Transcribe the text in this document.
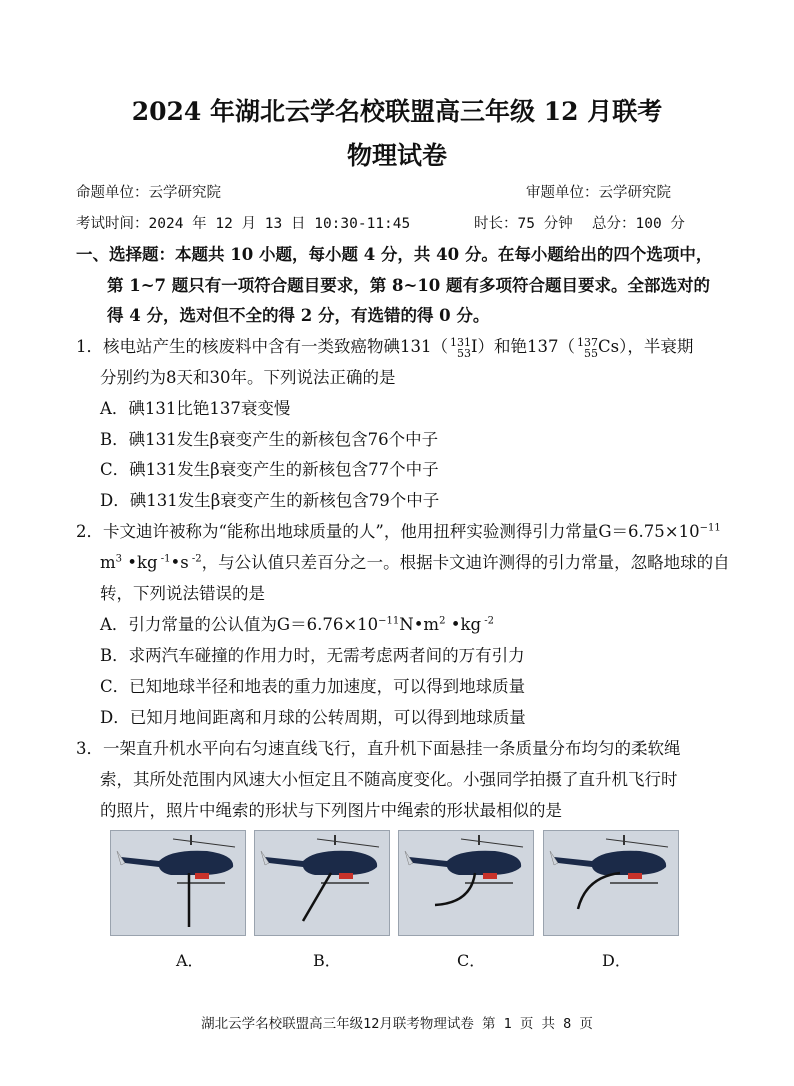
2024 年湖北云学名校联盟高三年级 12 月联考
物理试卷
命题单位：云学研究院	审题单位：云学研究院
考试时间：2024 年 12 月 13 日 10:30-11:45	时长：75 分钟 总分：100 分
一、选择题：本题共 10 小题，每小题 4 分，共 40 分。在每小题给出的四个选项中，
第 1~7 题只有一项符合题目要求，第 8~10 题有多项符合题目要求。全部选对的
得 4 分，选对但不全的得 2 分，有选错的得 0 分。
1．核电站产生的核废料中含有一类致癌物碘131（ 131
53 I）和铯137（ 137
55 Cs），半衰期
分别约为8天和30年。下列说法正确的是
A．碘131比铯137衰变慢
B．碘131发生β衰变产生的新核包含76个中子
C．碘131发生β衰变产生的新核包含77个中子
D．碘131发生β衰变产生的新核包含79个中子
2．卡文迪许被称为“能称出地球质量的人”，他用扭秤实验测得引力常量$G=6.75\times 10^{-11}$
$m^3$ •kg $^{-1}$•s $^{-2}$，与公认值只差百分之一。根据卡文迪许测得的引力常量，忽略地球的自
转，下列说法错误的是
A．引力常量的公认值为$G=6.76\times 10^{-11}N•m^2$ •kg $^{-2}$
B．求两汽车碰撞的作用力时，无需考虑两者间的万有引力
C．已知地球半径和地表的重力加速度，可以得到地球质量
D．已知月地间距离和月球的公转周期，可以得到地球质量
3．一架直升机水平向右匀速直线飞行，直升机下面悬挂一条质量分布均匀的柔软绳
索，其所处范围内风速大小恒定且不随高度变化。小强同学拍摄了直升机飞行时
的照片，照片中绳索的形状与下列图片中绳索的形状最相似的是
A．	B．	C．	D．
湖北云学名校联盟高三年级12月联考物理试卷 第 1 页 共 8 页
